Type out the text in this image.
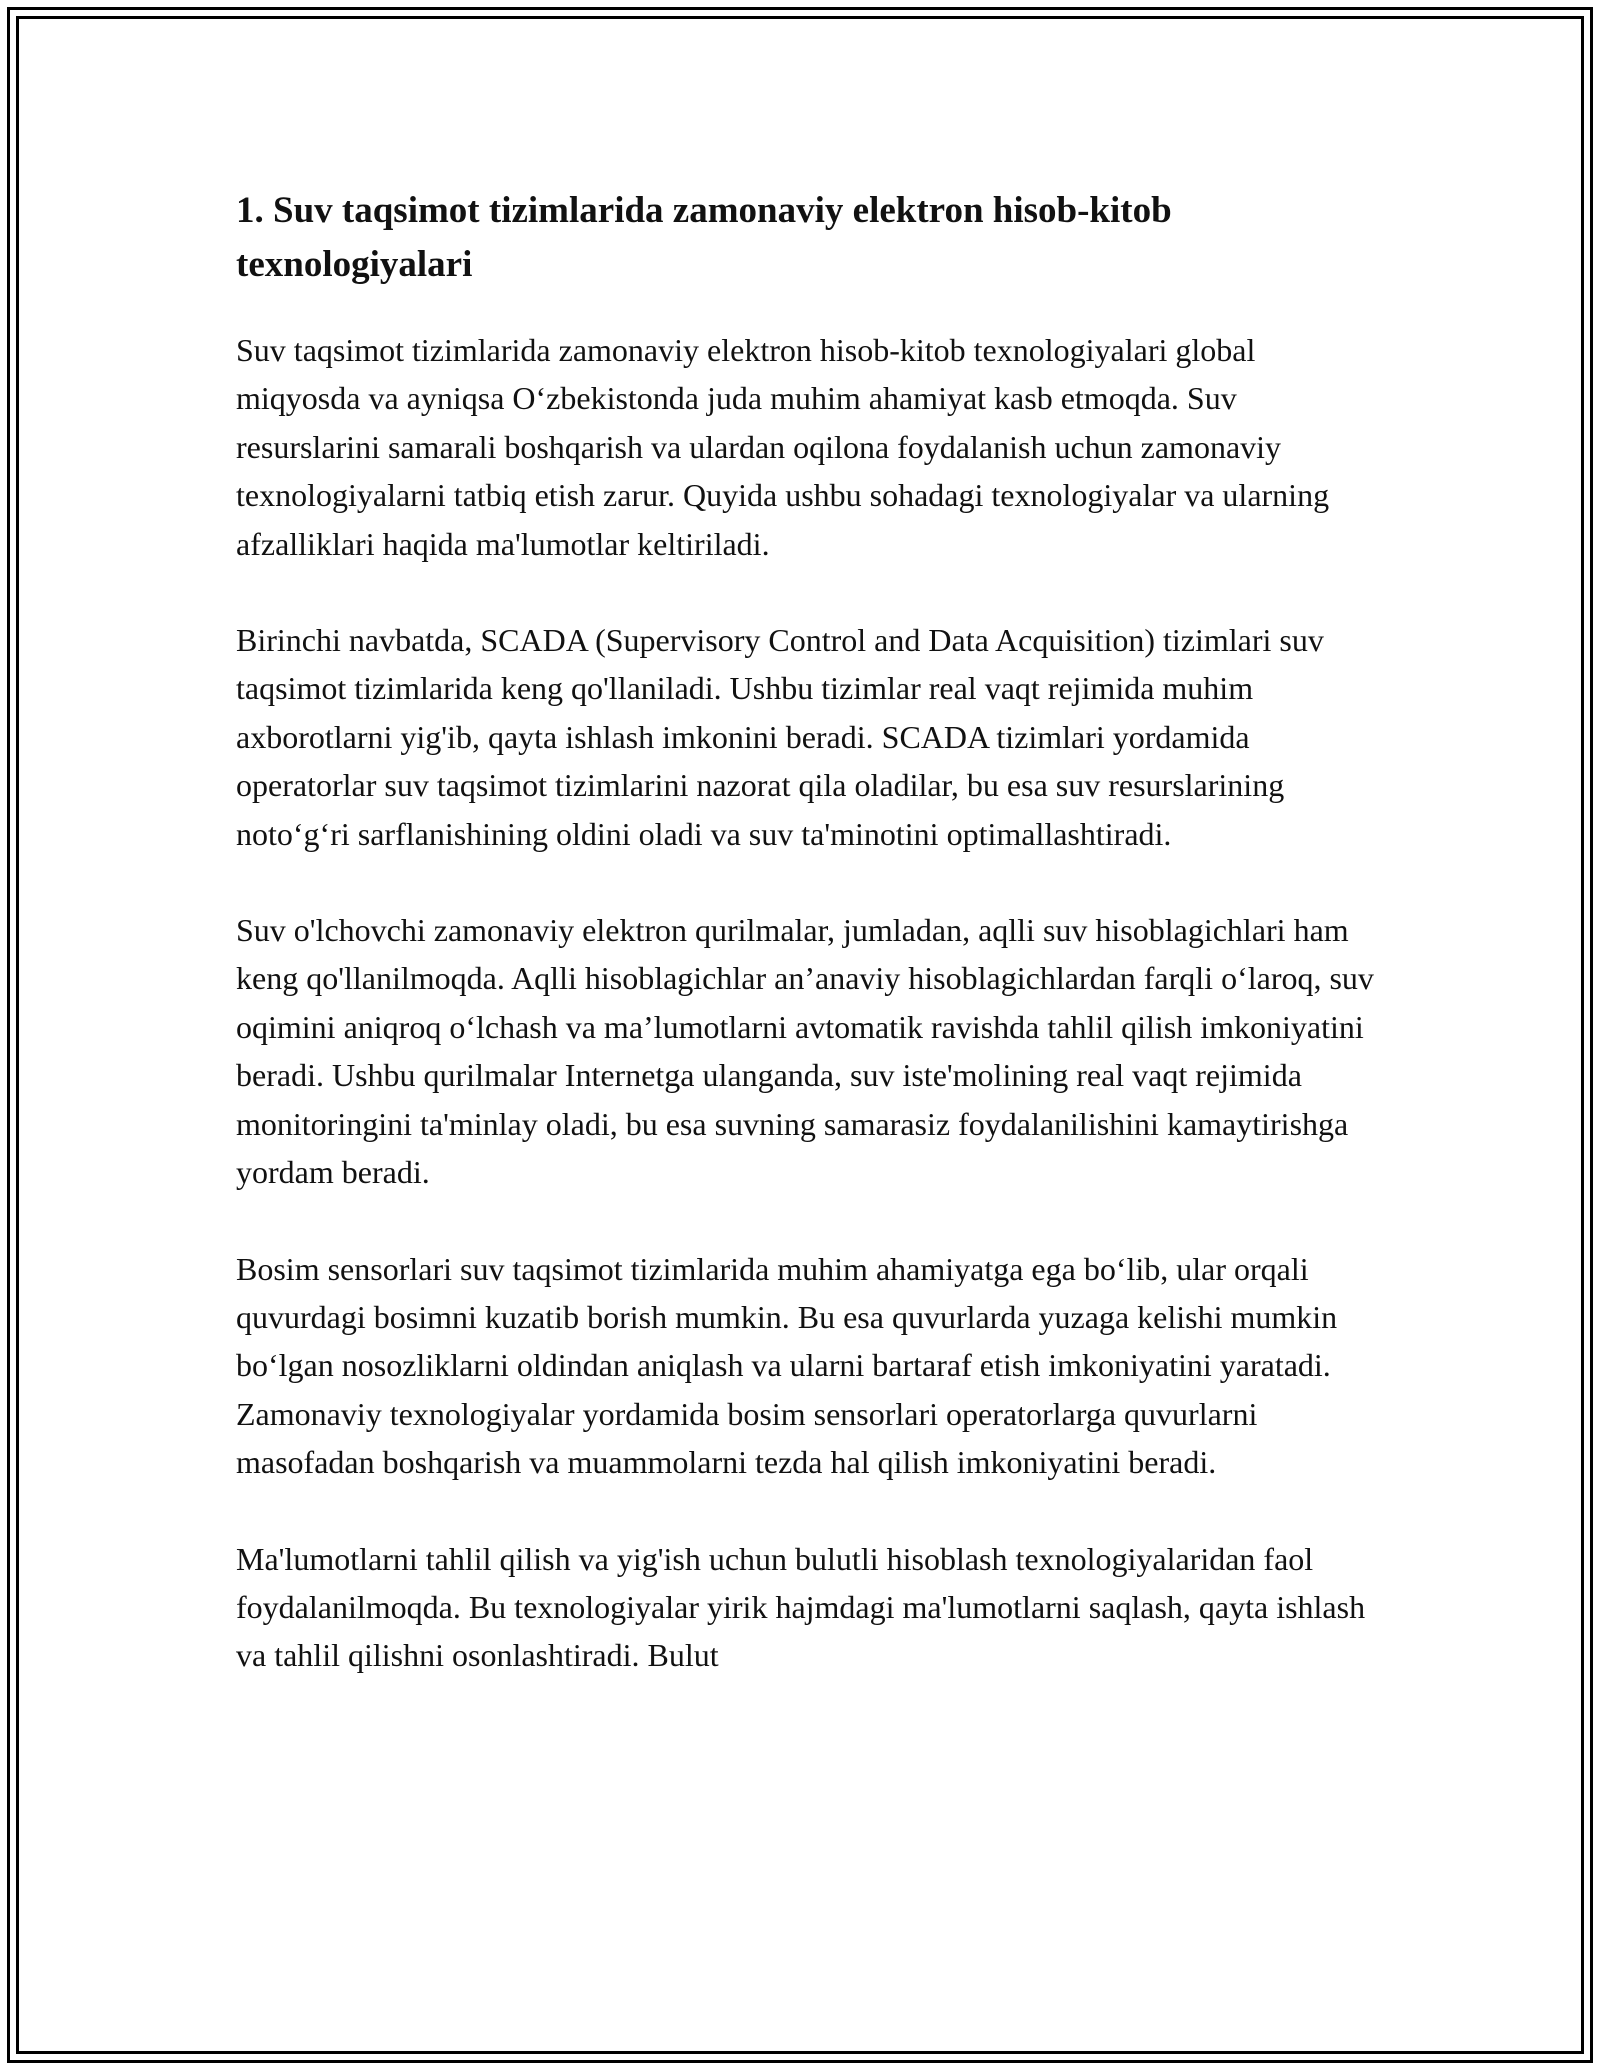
1. Suv taqsimot tizimlarida zamonaviy elektron hisob-kitob texnologiyalari

Suv taqsimot tizimlarida zamonaviy elektron hisob-kitob texnologiyalari global miqyosda va ayniqsa O‘zbekistonda juda muhim ahamiyat kasb etmoqda. Suv resurslarini samarali boshqarish va ulardan oqilona foydalanish uchun zamonaviy texnologiyalarni tatbiq etish zarur. Quyida ushbu sohadagi texnologiyalar va ularning afzalliklari haqida ma'lumotlar keltiriladi.

Birinchi navbatda, SCADA (Supervisory Control and Data Acquisition) tizimlari suv taqsimot tizimlarida keng qo'llaniladi. Ushbu tizimlar real vaqt rejimida muhim axborotlarni yig'ib, qayta ishlash imkonini beradi. SCADA tizimlari yordamida operatorlar suv taqsimot tizimlarini nazorat qila oladilar, bu esa suv resurslarining noto‘g‘ri sarflanishining oldini oladi va suv ta'minotini optimallashtiradi.

Suv o'lchovchi zamonaviy elektron qurilmalar, jumladan, aqlli suv hisoblagichlari ham keng qo'llanilmoqda. Aqlli hisoblagichlar an’anaviy hisoblagichlardan farqli o‘laroq, suv oqimini aniqroq o‘lchash va ma’lumotlarni avtomatik ravishda tahlil qilish imkoniyatini beradi. Ushbu qurilmalar Internetga ulanganda, suv iste'molining real vaqt rejimida monitoringini ta'minlay oladi, bu esa suvning samarasiz foydalanilishini kamaytirishga yordam beradi.

Bosim sensorlari suv taqsimot tizimlarida muhim ahamiyatga ega bo‘lib, ular orqali quvurdagi bosimni kuzatib borish mumkin. Bu esa quvurlarda yuzaga kelishi mumkin bo‘lgan nosozliklarni oldindan aniqlash va ularni bartaraf etish imkoniyatini yaratadi. Zamonaviy texnologiyalar yordamida bosim sensorlari operatorlarga quvurlarni masofadan boshqarish va muammolarni tezda hal qilish imkoniyatini beradi.

Ma'lumotlarni tahlil qilish va yig'ish uchun bulutli hisoblash texnologiyalaridan faol foydalanilmoqda. Bu texnologiyalar yirik hajmdagi ma'lumotlarni saqlash, qayta ishlash va tahlil qilishni osonlashtiradi. Bulut
